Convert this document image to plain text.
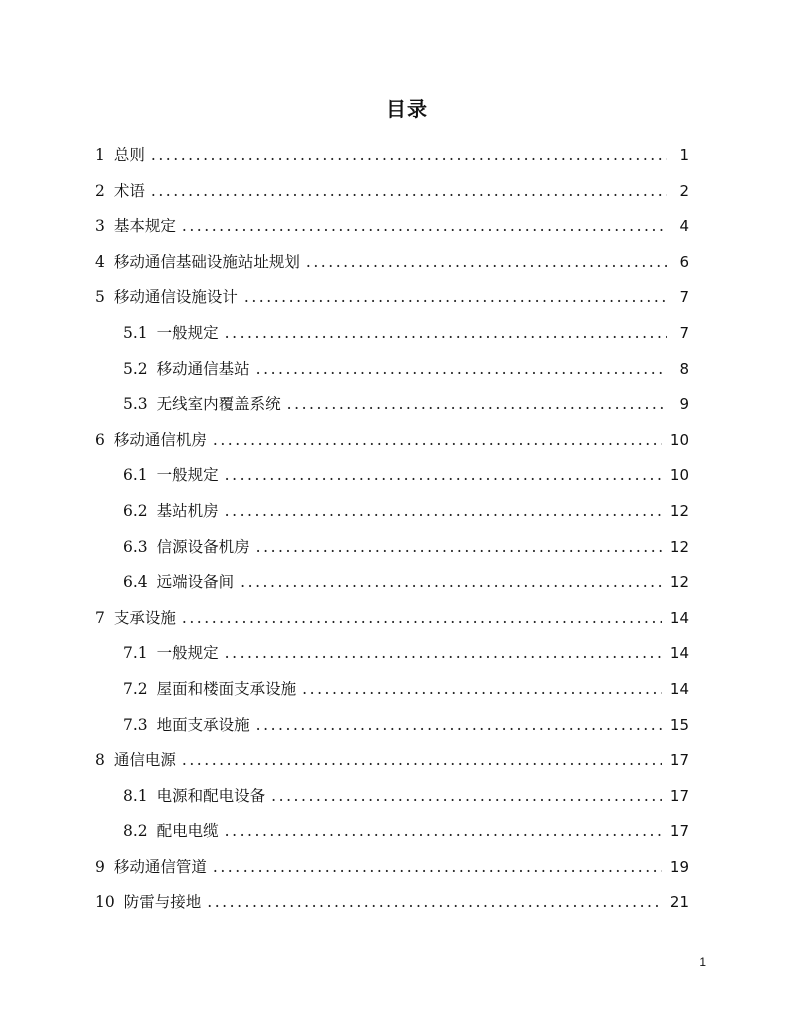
目录
1 总则 . . .	1
2 术语 . . .	2
3 基本规定 . . .	4
4 移动通信基础设施站址规划 . . .	6
5 移动通信设施设计 . . .	7
5.1 一般规定 . . .	7
5.2 移动通信基站 . . .	8
5.3 无线室内覆盖系统 . . .	9
6 移动通信机房 . . .	10
6.1 一般规定 . . .	10
6.2 基站机房 . . .	12
6.3 信源设备机房 . . .	12
6.4 远端设备间 . . .	12
7 支承设施 . . .	14
7.1 一般规定 . . .	14
7.2 屋面和楼面支承设施 . . .	14
7.3 地面支承设施 . . .	15
8 通信电源 . . .	17
8.1 电源和配电设备 . . .	17
8.2 配电电缆 . . .	17
9 移动通信管道 . . .	19
10 防雷与接地 . . .	21
1
